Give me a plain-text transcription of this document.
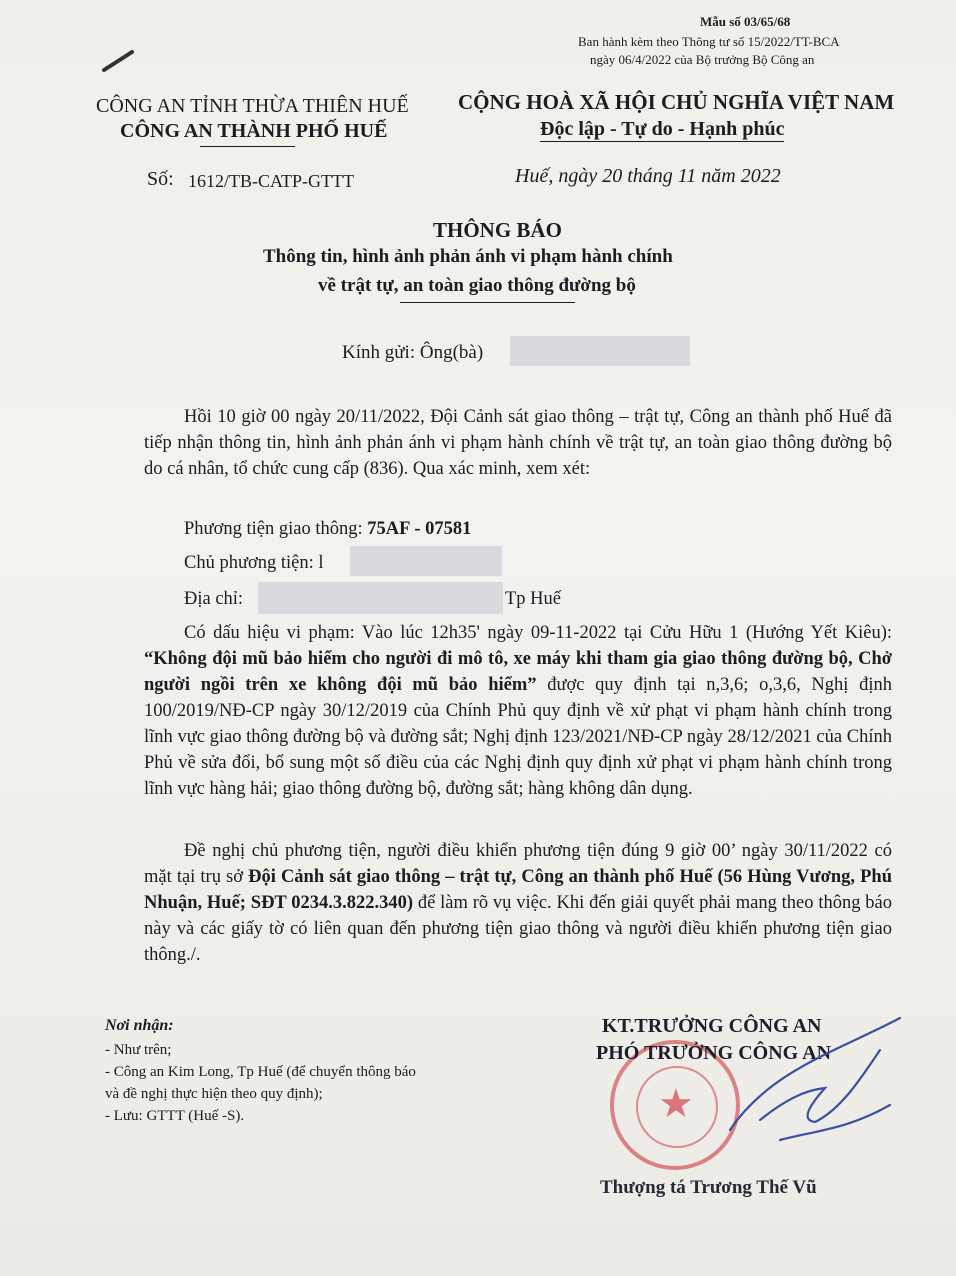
Mẫu số 03/65/68
Ban hành kèm theo Thông tư số 15/2022/TT-BCA
ngày 06/4/2022 của Bộ trưởng Bộ Công an
CÔNG AN TỈNH THỪA THIÊN HUẾ
CÔNG AN THÀNH PHỐ HUẾ
CỘNG HOÀ XÃ HỘI CHỦ NGHĨA VIỆT NAM
Độc lập - Tự do - Hạnh phúc
Số: 1612/TB-CATP-GTTT	Huế, ngày 20 tháng 11 năm 2022
THÔNG BÁO
Thông tin, hình ảnh phản ánh vi phạm hành chính
về trật tự, an toàn giao thông đường bộ
Kính gửi: Ông(bà)
Hồi 10 giờ 00 ngày 20/11/2022, Đội Cảnh sát giao thông – trật tự, Công an thành phố Huế đã tiếp nhận thông tin, hình ảnh phản ánh vi phạm hành chính về trật tự, an toàn giao thông đường bộ do cá nhân, tổ chức cung cấp (836). Qua xác minh, xem xét:
Phương tiện giao thông: 75AF - 07581
Chủ phương tiện: l
Địa chỉ:	Tp Huế
Có dấu hiệu vi phạm: Vào lúc 12h35' ngày 09-11-2022 tại Cửu Hữu 1 (Hướng Yết Kiêu): “Không đội mũ bảo hiểm cho người đi mô tô, xe máy khi tham gia giao thông đường bộ, Chở người ngồi trên xe không đội mũ bảo hiểm” được quy định tại n,3,6; o,3,6, Nghị định 100/2019/NĐ-CP ngày 30/12/2019 của Chính Phủ quy định về xử phạt vi phạm hành chính trong lĩnh vực giao thông đường bộ và đường sắt; Nghị định 123/2021/NĐ-CP ngày 28/12/2021 của Chính Phủ về sửa đổi, bổ sung một số điều của các Nghị định quy định xử phạt vi phạm hành chính trong lĩnh vực hàng hải; giao thông đường bộ, đường sắt; hàng không dân dụng.
Đề nghị chủ phương tiện, người điều khiển phương tiện đúng 9 giờ 00’ ngày 30/11/2022 có mặt tại trụ sở Đội Cảnh sát giao thông – trật tự, Công an thành phố Huế (56 Hùng Vương, Phú Nhuận, Huế; SĐT 0234.3.822.340) để làm rõ vụ việc. Khi đến giải quyết phải mang theo thông báo này và các giấy tờ có liên quan đến phương tiện giao thông và người điều khiển phương tiện giao thông./.
Nơi nhận:
- Như trên;
- Công an Kim Long, Tp Huế (để chuyển thông báo
và đề nghị thực hiện theo quy định);
- Lưu: GTTT (Huế -S).	★
KT.TRƯỞNG CÔNG AN
PHÓ TRƯỞNG CÔNG AN
Thượng tá Trương Thế Vũ
